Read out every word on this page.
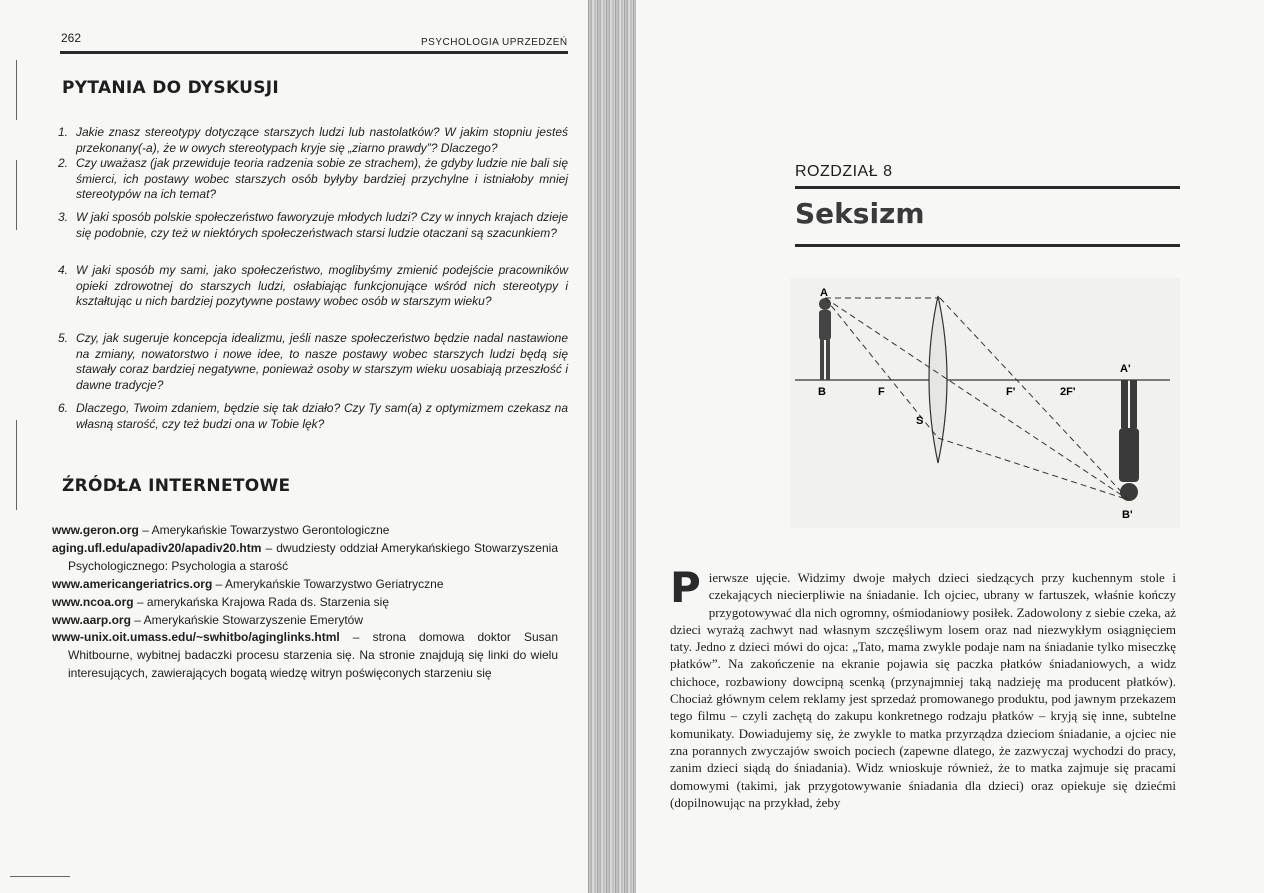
262	PSYCHOLOGIA UPRZEDZEŃ
PYTANIA DO DYSKUSJI
1. Jakie znasz stereotypy dotyczące starszych ludzi lub nastolatków? W jakim stopniu jesteś przekonany(-a), że w owych stereotypach kryje się „ziarno prawdy”? Dlaczego?
2. Czy uważasz (jak przewiduje teoria radzenia sobie ze strachem), że gdyby ludzie nie bali się śmierci, ich postawy wobec starszych osób byłyby bardziej przychylne i istniałoby mniej stereotypów na ich temat?
3. W jaki sposób polskie społeczeństwo faworyzuje młodych ludzi? Czy w innych krajach dzieje się podobnie, czy też w niektórych społeczeństwach starsi ludzie otaczani są szacunkiem?
4. W jaki sposób my sami, jako społeczeństwo, moglibyśmy zmienić podejście pracowników opieki zdrowotnej do starszych ludzi, osłabiając funkcjonujące wśród nich stereotypy i kształtując u nich bardziej pozytywne postawy wobec osób w starszym wieku?
5. Czy, jak sugeruje koncepcja idealizmu, jeśli nasze społeczeństwo będzie nadal nastawione na zmiany, nowatorstwo i nowe idee, to nasze postawy wobec starszych ludzi będą się stawały coraz bardziej negatywne, ponieważ osoby w starszym wieku uosabiają przeszłość i dawne tradycje?
6. Dlaczego, Twoim zdaniem, będzie się tak działo? Czy Ty sam(a) z optymizmem czekasz na własną starość, czy też budzi ona w Tobie lęk?
ŹRÓDŁA INTERNETOWE
www.geron.org – Amerykańskie Towarzystwo Gerontologiczne
aging.ufl.edu/apadiv20/apadiv20.htm – dwudziesty oddział Amerykańskiego Stowarzyszenia Psychologicznego: Psychologia a starość
www.americangeriatrics.org – Amerykańskie Towarzystwo Geriatryczne
www.ncoa.org – amerykańska Krajowa Rada ds. Starzenia się
www.aarp.org – Amerykańskie Stowarzyszenie Emerytów
www-unix.oit.umass.edu/~swhitbo/aginglinks.html – strona domowa doktor Susan Whitbourne, wybitnej badaczki procesu starzenia się. Na stronie znajdują się linki do wielu interesujących, zawierających bogatą wiedzę witryn poświęconych starzeniu się
ROZDZIAŁ 8
Seksizm
A
B	F	F'	2F'
S
A'
B'
Pierwsze ujęcie. Widzimy dwoje małych dzieci siedzących przy kuchennym stole i czekających niecierpliwie na śniadanie. Ich ojciec, ubrany w fartuszek, właśnie kończy przygotowywać dla nich ogromny, ośmiodaniowy posiłek. Zadowolony z siebie czeka, aż dzieci wyrażą zachwyt nad własnym szczęśliwym losem oraz nad niezwykłym osiągnięciem taty. Jedno z dzieci mówi do ojca: „Tato, mama zwykle podaje nam na śniadanie tylko miseczkę płatków”. Na zakończenie na ekranie pojawia się paczka płatków śniadaniowych, a widz chichoce, rozbawiony dowcipną scenką (przynajmniej taką nadzieję ma producent płatków). Chociaż głównym celem reklamy jest sprzedaż promowanego produktu, pod jawnym przekazem tego filmu – czyli zachętą do zakupu konkretnego rodzaju płatków – kryją się inne, subtelne komunikaty. Dowiadujemy się, że zwykle to matka przyrządza dzieciom śniadanie, a ojciec nie zna porannych zwyczajów swoich pociech (zapewne dlatego, że zazwyczaj wychodzi do pracy, zanim dzieci siądą do śniadania). Widz wnioskuje również, że to matka zajmuje się pracami domowymi (takimi, jak przygotowywanie śniadania dla dzieci) oraz opiekuje się dziećmi (dopilnowując na przykład, żeby
